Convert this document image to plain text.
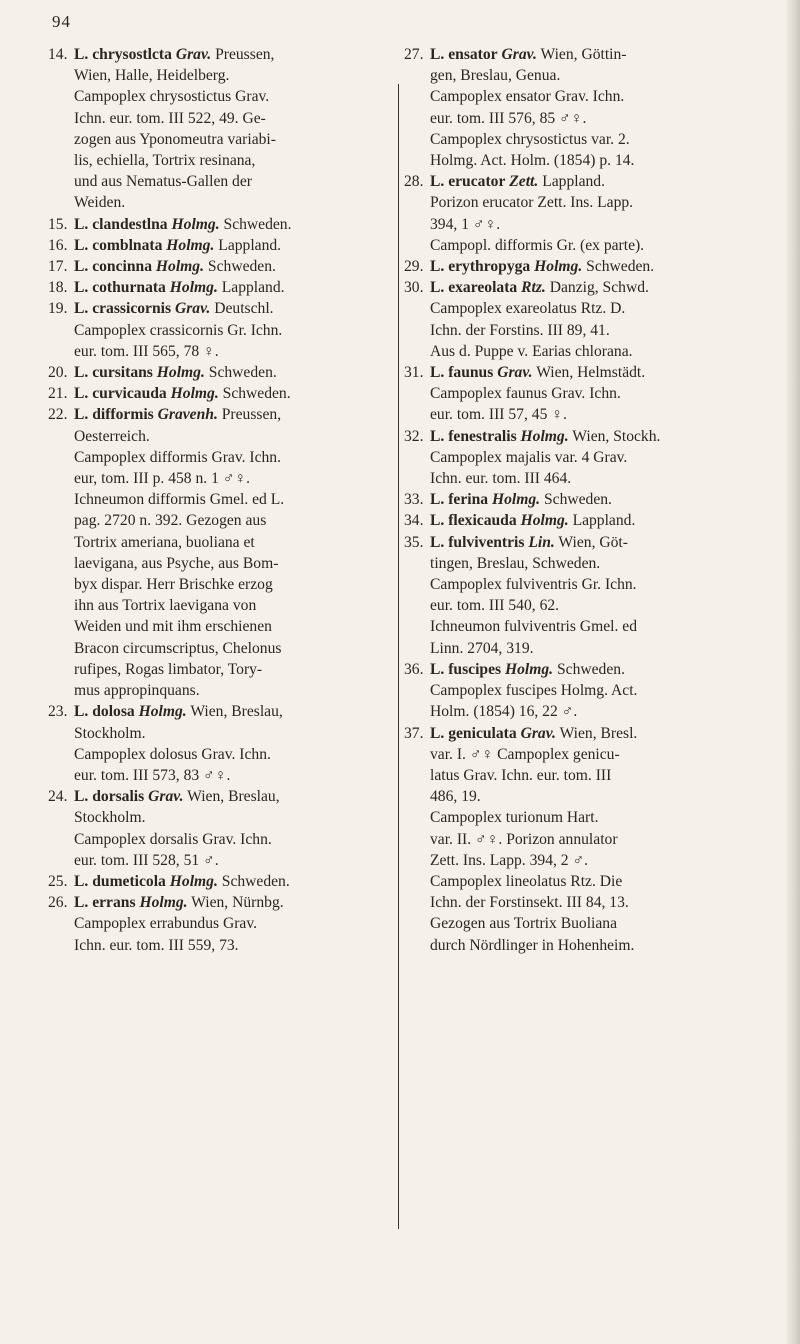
94
14. L. chrysostlcta Grav. Preussen,
Wien, Halle, Heidelberg.
Campoplex chrysostictus Grav.
Ichn. eur. tom. III 522, 49. Ge-
zogen aus Yponomeutra variabi-
lis, echiella, Tortrix resinana,
und aus Nematus-Gallen der
Weiden.
15. L. clandestlna Holmg. Schweden.
16. L. comblnata Holmg. Lappland.
17. L. concinna Holmg. Schweden.
18. L. cothurnata Holmg. Lappland.
19. L. crassicornis Grav. Deutschl.
Campoplex crassicornis Gr. Ichn.
eur. tom. III 565, 78 ♀.
20. L. cursitans Holmg. Schweden.
21. L. curvicauda Holmg. Schweden.
22. L. difformis Gravenh. Preussen,
Oesterreich.
Campoplex difformis Grav. Ichn.
eur, tom. III p. 458 n. 1 ♂♀.
Ichneumon difformis Gmel. ed L.
pag. 2720 n. 392. Gezogen aus
Tortrix ameriana, buoliana et
laevigana, aus Psyche, aus Bom-
byx dispar. Herr Brischke erzog
ihn aus Tortrix laevigana von
Weiden und mit ihm erschienen
Bracon circumscriptus, Chelonus
rufipes, Rogas limbator, Tory-
mus appropinquans.
23. L. dolosa Holmg. Wien, Breslau,
Stockholm.
Campoplex dolosus Grav. Ichn.
eur. tom. III 573, 83 ♂♀.
24. L. dorsalis Grav. Wien, Breslau,
Stockholm.
Campoplex dorsalis Grav. Ichn.
eur. tom. III 528, 51 ♂.
25. L. dumeticola Holmg. Schweden.
26. L. errans Holmg. Wien, Nürnbg.
Campoplex errabundus Grav.
Ichn. eur. tom. III 559, 73.
27. L. ensator Grav. Wien, Göttin-
gen, Breslau, Genua.
Campoplex ensator Grav. Ichn.
eur. tom. III 576, 85 ♂♀.
Campoplex chrysostictus var. 2.
Holmg. Act. Holm. (1854) p. 14.
28. L. erucator Zett. Lappland.
Porizon erucator Zett. Ins. Lapp.
394, 1 ♂♀.
Campopl. difformis Gr. (ex parte).
29. L. erythropyga Holmg. Schweden.
30. L. exareolata Rtz. Danzig, Schwd.
Campoplex exareolatus Rtz. D.
Ichn. der Forstins. III 89, 41.
Aus d. Puppe v. Earias chlorana.
31. L. faunus Grav. Wien, Helmstädt.
Campoplex faunus Grav. Ichn.
eur. tom. III 57, 45 ♀.
32. L. fenestralis Holmg. Wien, Stockh.
Campoplex majalis var. 4 Grav.
Ichn. eur. tom. III 464.
33. L. ferina Holmg. Schweden.
34. L. flexicauda Holmg. Lappland.
35. L. fulviventris Lin. Wien, Göt-
tingen, Breslau, Schweden.
Campoplex fulviventris Gr. Ichn.
eur. tom. III 540, 62.
Ichneumon fulviventris Gmel. ed
Linn. 2704, 319.
36. L. fuscipes Holmg. Schweden.
Campoplex fuscipes Holmg. Act.
Holm. (1854) 16, 22 ♂.
37. L. geniculata Grav. Wien, Bresl.
var. I. ♂♀ Campoplex genicu-
latus Grav. Ichn. eur. tom. III
486, 19.
Campoplex turionum Hart.
var. II. ♂♀. Porizon annulator
Zett. Ins. Lapp. 394, 2 ♂.
Campoplex lineolatus Rtz. Die
Ichn. der Forstinsekt. III 84, 13.
Gezogen aus Tortrix Buoliana
durch Nördlinger in Hohenheim.
